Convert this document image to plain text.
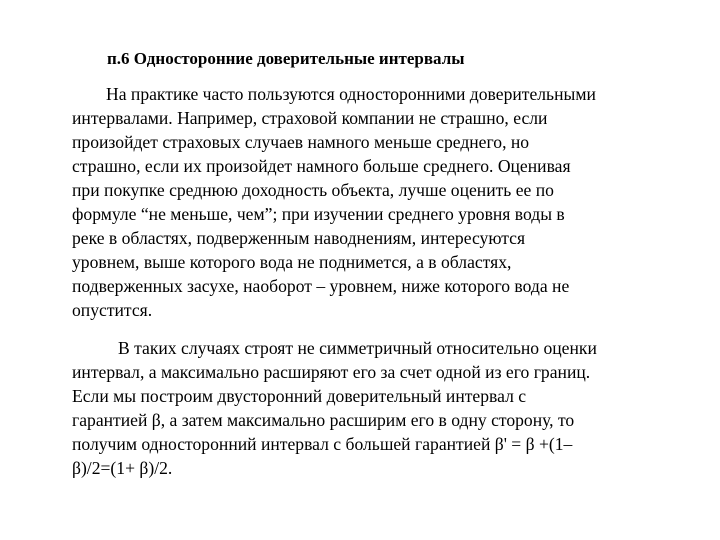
п.6 Односторонние доверительные интервалы
На практике часто пользуются односторонними доверительными
интервалами. Например, страховой компании не страшно, если
произойдет страховых случаев намного меньше среднего, но
страшно, если их произойдет намного больше среднего. Оценивая
при покупке среднюю доходность объекта, лучше оценить ее по
формуле “не меньше, чем”; при изучении среднего уровня воды в
реке в областях, подверженным наводнениям, интересуются
уровнем, выше которого вода не поднимется, а в областях,
подверженных засухе, наоборот – уровнем, ниже которого вода не
опустится.
В таких случаях строят не симметричный относительно оценки
интервал, а максимально расширяют его за счет одной из его границ.
Если мы построим двусторонний доверительный интервал с
гарантией β, а затем максимально расширим его в одну сторону, то
получим односторонний интервал с большей гарантией β' = β +(1–
β)/2=(1+ β)/2.
